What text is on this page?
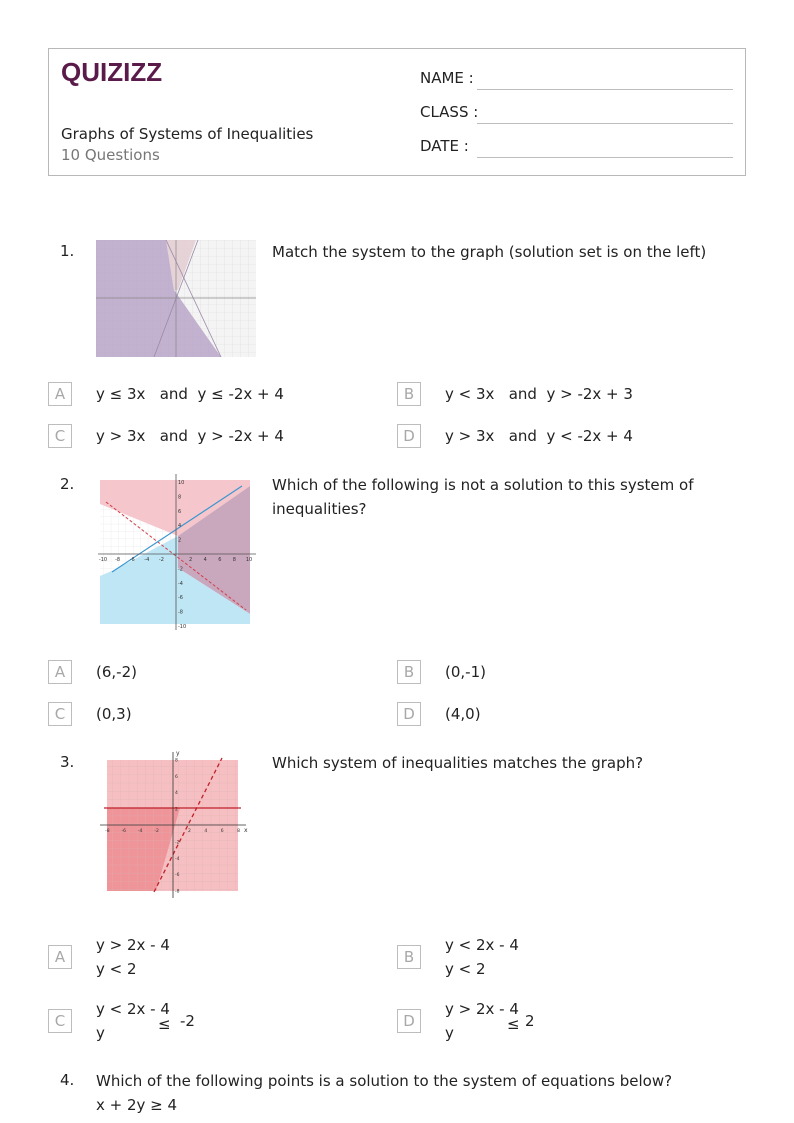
QUIZIZZ
Graphs of Systems of Inequalities
10 Questions
NAME :
CLASS :
DATE :
1.	Match the system to the graph (solution set is on the left)
A	y ≤ 3x   and  y ≤ -2x + 4	B	y < 3x   and  y > -2x + 3
C	y > 3x   and  y > -2x + 4	D	y > 3x   and  y < -2x + 4
2.
-10 -8 -6 -4 -2	2 4 6 8 10
10
8
6
4
2
-2
-4
-6
-8
-10
Which of the following is not a solution to this system of inequalities?
A	(6,-2)	B	(0,-1)
C	(0,3)	D	(4,0)
3.
x
y
-8	-6	-4	-2	2	4	6	8
8
6
4
2
-2
-4
-6
-8
Which system of inequalities matches the graph?
A
y > 2x - 4
y < 2
B
y < 2x - 4
y < 2
C
y < 2x - 4
y	≤ -2	D
y > 2x - 4
y	≤ 2
4. Which of the following points is a solution to the system of equations below?
x + 2y ≥ 4
